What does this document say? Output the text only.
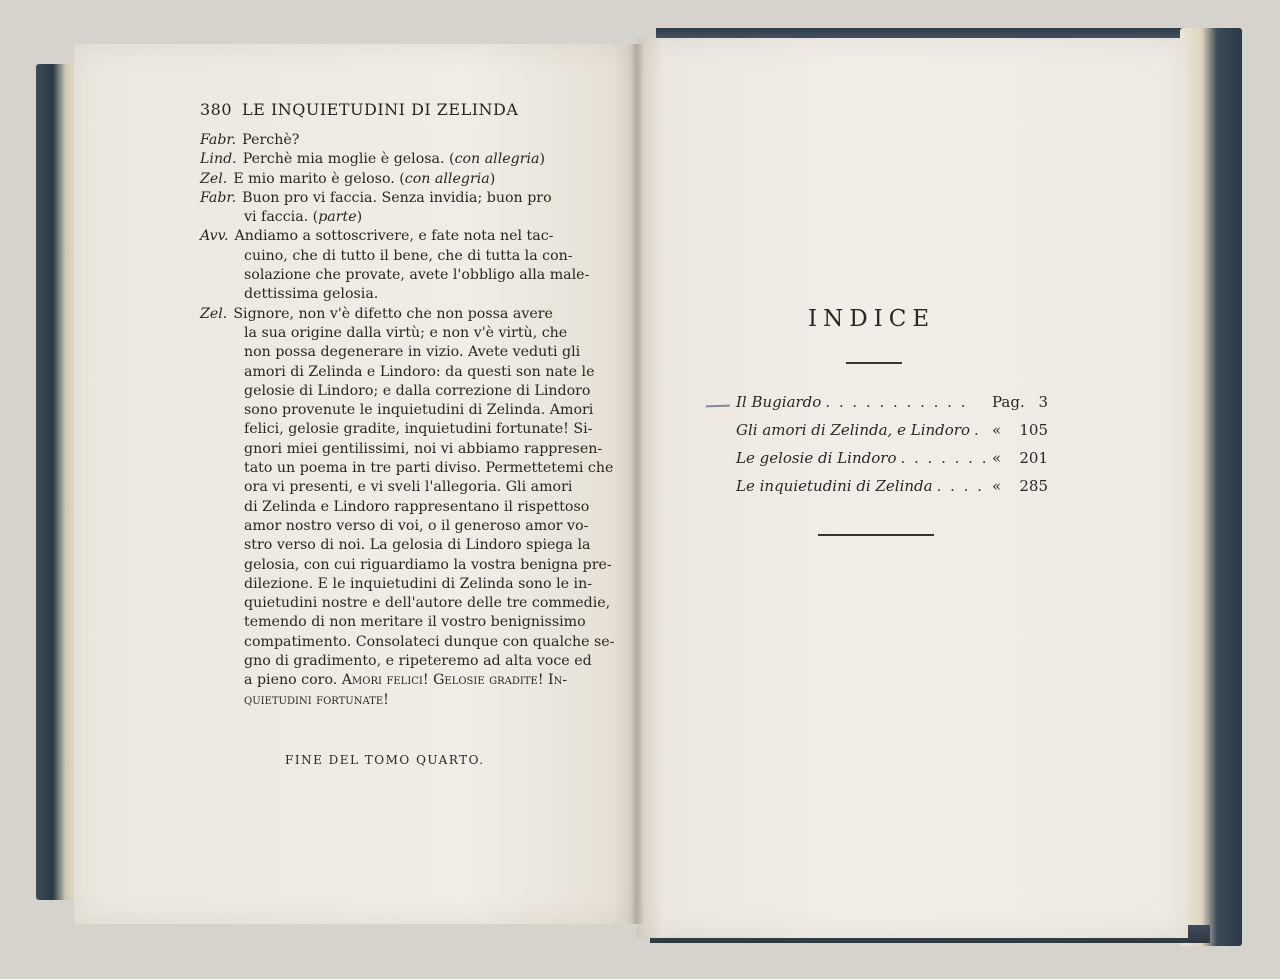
380 LE INQUIETUDINI DI ZELINDA
Fabr. Perchè?
Lind. Perchè mia moglie è gelosa. (con allegria)
Zel. E mio marito è geloso. (con allegria)
Fabr. Buon pro vi faccia. Senza invidia; buon pro
vi faccia. (parte)
Avv. Andiamo a sottoscrivere, e fate nota nel tac-
cuino, che di tutto il bene, che di tutta la con-
solazione che provate, avete l'obbligo alla male-
dettissima gelosia.
Zel. Signore, non v'è difetto che non possa avere
la sua origine dalla virtù; e non v'è virtù, che
non possa degenerare in vizio. Avete veduti gli
amori di Zelinda e Lindoro: da questi son nate le
gelosie di Lindoro; e dalla correzione di Lindoro
sono provenute le inquietudini di Zelinda. Amori
felici, gelosie gradite, inquietudini fortunate! Si-
gnori miei gentilissimi, noi vi abbiamo rappresen-
tato un poema in tre parti diviso. Permettetemi che
ora vi presenti, e vi sveli l'allegoria. Gli amori
di Zelinda e Lindoro rappresentano il rispettoso
amor nostro verso di voi, o il generoso amor vo-
stro verso di noi. La gelosia di Lindoro spiega la
gelosia, con cui riguardiamo la vostra benigna pre-
dilezione. E le inquietudini di Zelinda sono le in-
quietudini nostre e dell'autore delle tre commedie,
temendo di non meritare il vostro benignissimo
compatimento. Consolateci dunque con qualche se-
gno di gradimento, e ripeteremo ad alta voce ed
a pieno coro. Amori felici! Gelosie gradite! In-
quietudini fortunate!
FINE DEL TOMO QUARTO.
INDICE
Il Bugiardo . . . . . . . . . . .	Pag. 3
Gli amori di Zelinda, e Lindoro . «	105
Le gelosie di Lindoro . . . . . . . «	201
Le inquietudini di Zelinda . . . . «	285
